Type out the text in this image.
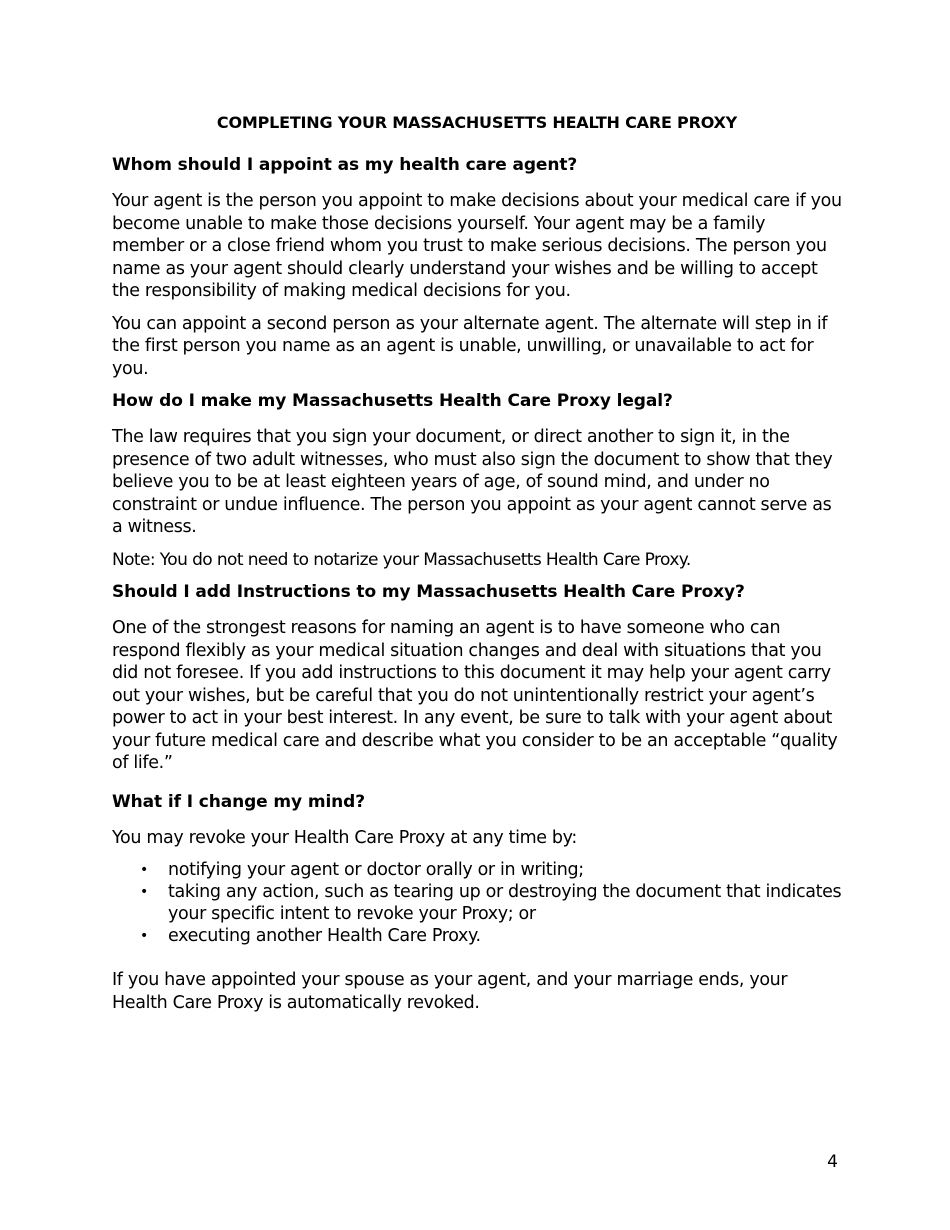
COMPLETING YOUR MASSACHUSETTS HEALTH CARE PROXY
Whom should I appoint as my health care agent?

Your agent is the person you appoint to make decisions about your medical care if you become unable to make those decisions yourself. Your agent may be a family member or a close friend whom you trust to make serious decisions. The person you name as your agent should clearly understand your wishes and be willing to accept the responsibility of making medical decisions for you.

You can appoint a second person as your alternate agent. The alternate will step in if the first person you name as an agent is unable, unwilling, or unavailable to act for you.

How do I make my Massachusetts Health Care Proxy legal?

The law requires that you sign your document, or direct another to sign it, in the presence of two adult witnesses, who must also sign the document to show that they believe you to be at least eighteen years of age, of sound mind, and under no constraint or undue influence. The person you appoint as your agent cannot serve as a witness.

Note: You do not need to notarize your Massachusetts Health Care Proxy.

Should I add Instructions to my Massachusetts Health Care Proxy?

One of the strongest reasons for naming an agent is to have someone who can respond flexibly as your medical situation changes and deal with situations that you did not foresee. If you add instructions to this document it may help your agent carry out your wishes, but be careful that you do not unintentionally restrict your agent’s power to act in your best interest. In any event, be sure to talk with your agent about your future medical care and describe what you consider to be an acceptable “quality of life.”

What if I change my mind?

You may revoke your Health Care Proxy at any time by:

• notifying your agent or doctor orally or in writing;
• taking any action, such as tearing up or destroying the document that indicates your specific intent to revoke your Proxy; or
• executing another Health Care Proxy.

If you have appointed your spouse as your agent, and your marriage ends, your Health Care Proxy is automatically revoked.

4
